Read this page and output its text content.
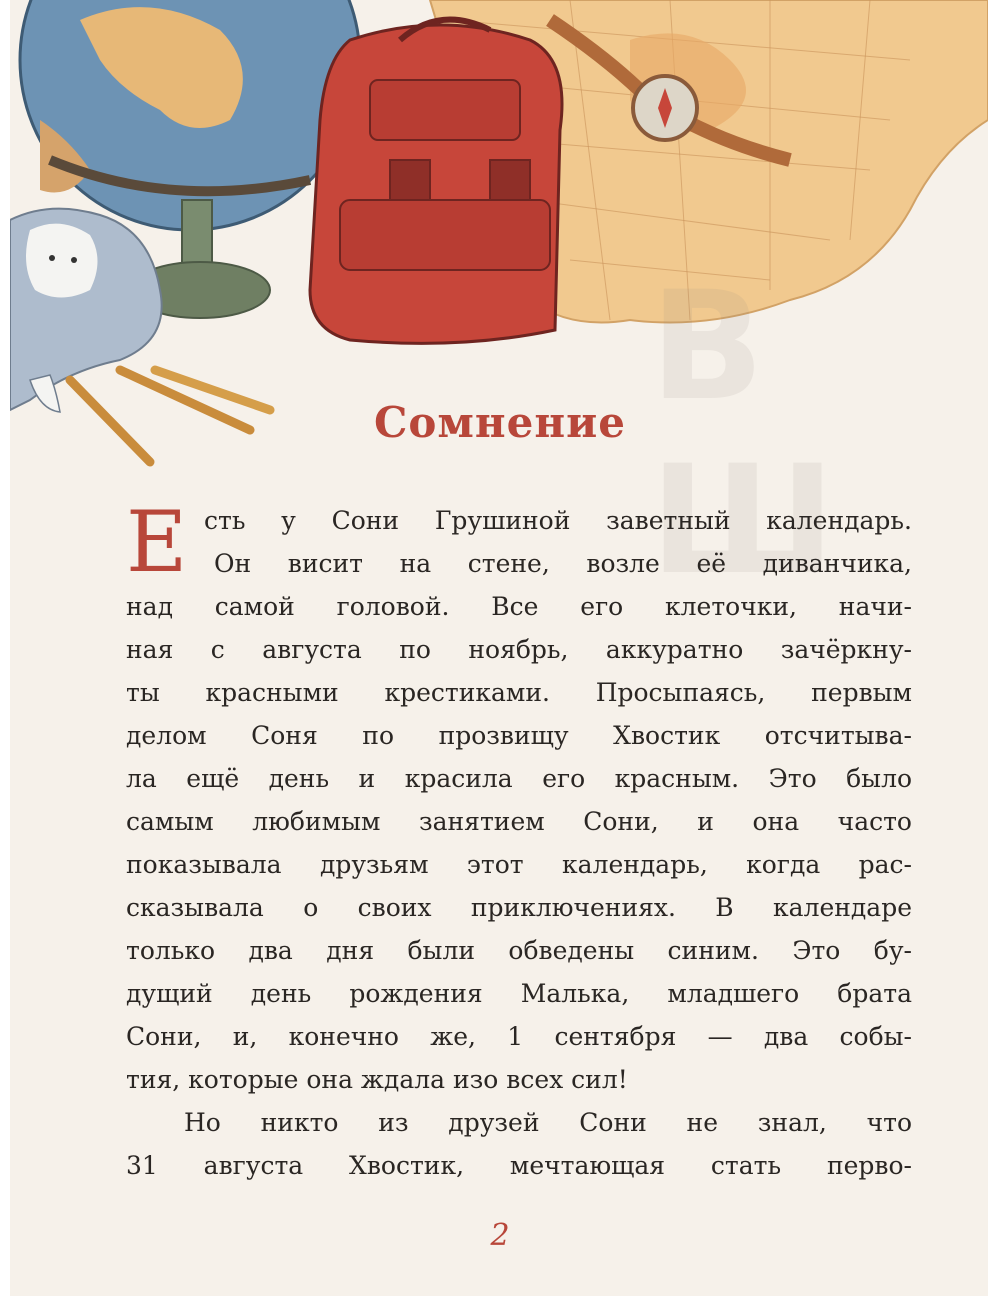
В Ш
Сомнение
Е сть у Сони Грушиной заветный календарь.
Он висит на стене, возле её диванчика,
над самой головой. Все его клеточки, начи-
ная с августа по ноябрь, аккуратно зачёркну-
ты красными крестиками. Просыпаясь, первым
делом Соня по прозвищу Хвостик отсчитыва-
ла ещё день и красила его красным. Это было
самым любимым занятием Сони, и она часто
показывала друзьям этот календарь, когда рас-
сказывала о своих приключениях. В календаре
только два дня были обведены синим. Это бу-
дущий день рождения Малька, младшего брата
Сони, и, конечно же, 1 сентября — два собы-
тия, которые она ждала изо всех сил!
Но никто из друзей Сони не знал, что
31 августа Хвостик, мечтающая стать перво-
2
